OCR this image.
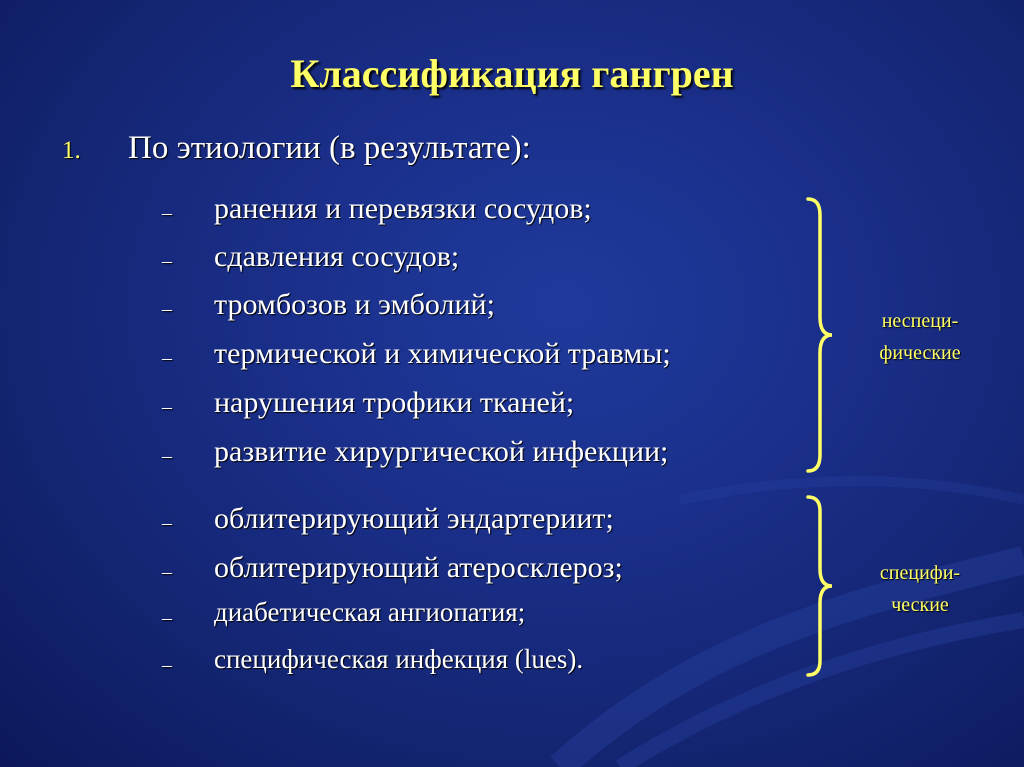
Классификация гангрен
1. По этиологии (в результате):
– ранения и перевязки сосудов;
– сдавления сосудов;
– тромбозов и эмболий;
– термической и химической травмы;
– нарушения трофики тканей;
– развитие хирургической инфекции;
– облитерирующий эндартериит;
– облитерирующий атеросклероз;
– диабетическая ангиопатия;
– специфическая инфекция (lues).
неспеци-
фические
специфи-
ческие
